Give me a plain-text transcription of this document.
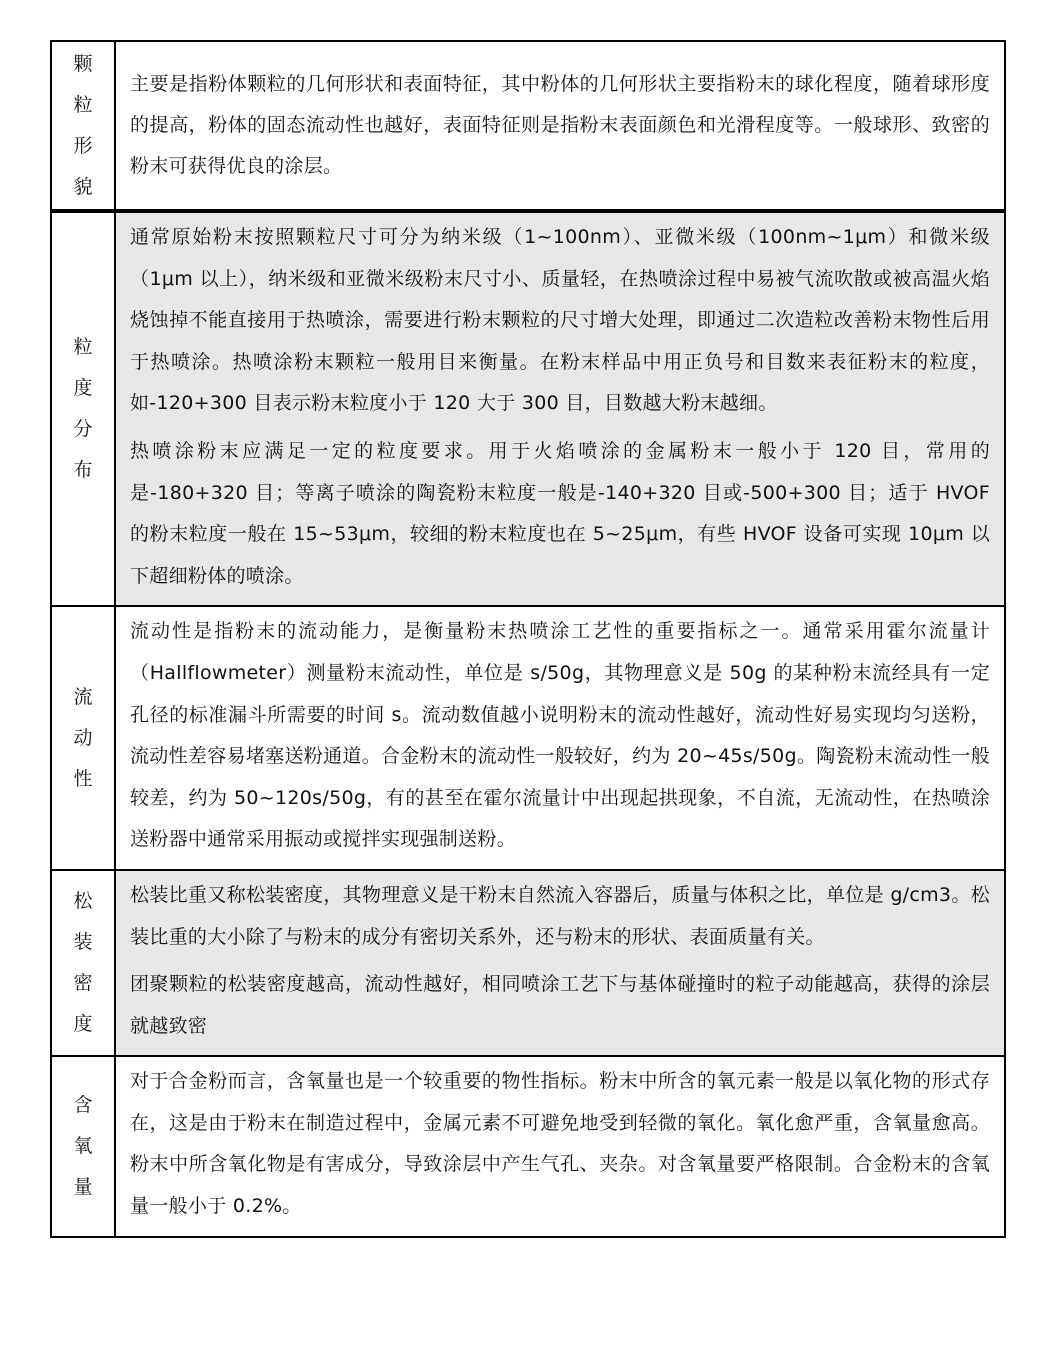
颗
粒
形
貌

主要是指粉体颗粒的几何形状和表面特征，其中粉体的几何形状主要指粉末的球化程度，随着球形度的提高，粉体的固态流动性也越好，表面特征则是指粉末表面颜色和光滑程度等。一般球形、致密的粉末可获得优良的涂层。

粒
度
分
布

通常原始粉末按照颗粒尺寸可分为纳米级（1~100nm）、亚微米级（100nm~1μm）和微米级（1μm 以上），纳米级和亚微米级粉末尺寸小、质量轻，在热喷涂过程中易被气流吹散或被高温火焰烧蚀掉不能直接用于热喷涂，需要进行粉末颗粒的尺寸增大处理，即通过二次造粒改善粉末物性后用于热喷涂。热喷涂粉末颗粒一般用目来衡量。在粉末样品中用正负号和目数来表征粉末的粒度，如-120+300 目表示粉末粒度小于 120 大于 300 目，目数越大粉末越细。

热喷涂粉末应满足一定的粒度要求。用于火焰喷涂的金属粉末一般小于 120 目，常用的是-180+320 目；等离子喷涂的陶瓷粉末粒度一般是-140+320 目或-500+300 目；适于 HVOF 的粉末粒度一般在 15~53μm，较细的粉末粒度也在 5~25μm，有些 HVOF 设备可实现 10μm 以下超细粉体的喷涂。

流
动
性

流动性是指粉末的流动能力，是衡量粉末热喷涂工艺性的重要指标之一。通常采用霍尔流量计（Hallflowmeter）测量粉末流动性，单位是 s/50g，其物理意义是 50g 的某种粉末流经具有一定孔径的标准漏斗所需要的时间 s。流动数值越小说明粉末的流动性越好，流动性好易实现均匀送粉，流动性差容易堵塞送粉通道。合金粉末的流动性一般较好，约为 20~45s/50g。陶瓷粉末流动性一般较差，约为 50~120s/50g，有的甚至在霍尔流量计中出现起拱现象，不自流，无流动性，在热喷涂送粉器中通常采用振动或搅拌实现强制送粉。

松
装
密
度

松装比重又称松装密度，其物理意义是干粉末自然流入容器后，质量与体积之比，单位是 g/cm3。松装比重的大小除了与粉末的成分有密切关系外，还与粉末的形状、表面质量有关。

团聚颗粒的松装密度越高，流动性越好，相同喷涂工艺下与基体碰撞时的粒子动能越高，获得的涂层就越致密

含
氧
量

对于合金粉而言，含氧量也是一个较重要的物性指标。粉末中所含的氧元素一般是以氧化物的形式存在，这是由于粉末在制造过程中，金属元素不可避免地受到轻微的氧化。氧化愈严重，含氧量愈高。粉末中所含氧化物是有害成分，导致涂层中产生气孔、夹杂。对含氧量要严格限制。合金粉末的含氧量一般小于 0.2%。
